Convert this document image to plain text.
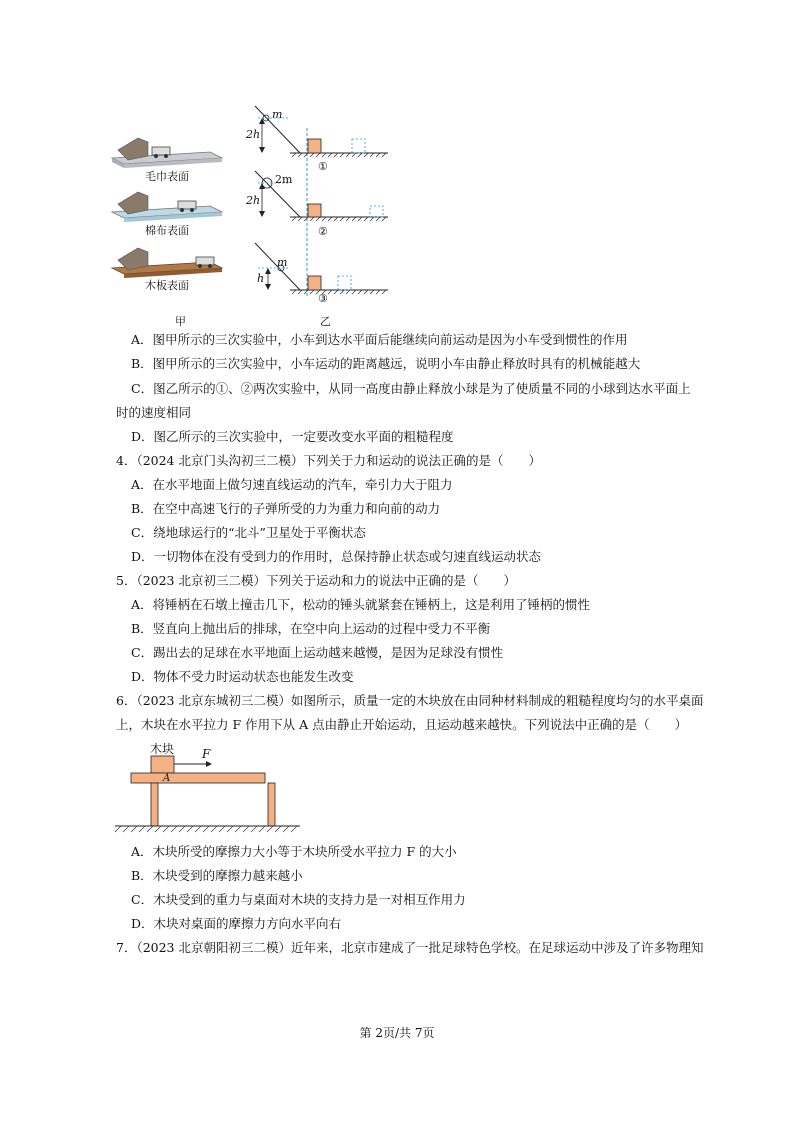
毛巾表面
棉布表面
木板表面
甲
m
2m
m
2h
2h
h
①
②
③
乙
A．图甲所示的三次实验中，小车到达水平面后能继续向前运动是因为小车受到惯性的作用
B．图甲所示的三次实验中，小车运动的距离越远，说明小车由静止释放时具有的机械能越大
C．图乙所示的①、②两次实验中，从同一高度由静止释放小球是为了使质量不同的小球到达水平面上
时的速度相同
D．图乙所示的三次实验中，一定要改变水平面的粗糙程度
4．（2024 北京门头沟初三二模）下列关于力和运动的说法正确的是（　　）
A．在水平地面上做匀速直线运动的汽车，牵引力大于阻力
B．在空中高速飞行的子弹所受的力为重力和向前的动力
C．绕地球运行的“北斗”卫星处于平衡状态
D．一切物体在没有受到力的作用时，总保持静止状态或匀速直线运动状态
5．（2023 北京初三二模）下列关于运动和力的说法中正确的是（　　）
A．将锤柄在石墩上撞击几下，松动的锤头就紧套在锤柄上，这是利用了锤柄的惯性
B．竖直向上抛出后的排球，在空中向上运动的过程中受力不平衡
C．踢出去的足球在水平地面上运动越来越慢，是因为足球没有惯性
D．物体不受力时运动状态也能发生改变
6．（2023 北京东城初三二模）如图所示，质量一定的木块放在由同种材料制成的粗糙程度均匀的水平桌面
上，木块在水平拉力 F 作用下从 A 点由静止开始运动，且运动越来越快。下列说法中正确的是（　　）
木块 F
A
A．木块所受的摩擦力大小等于木块所受水平拉力 F 的大小
B．木块受到的摩擦力越来越小
C．木块受到的重力与桌面对木块的支持力是一对相互作用力
D．木块对桌面的摩擦力方向水平向右
7．（2023 北京朝阳初三二模）近年来，北京市建成了一批足球特色学校。在足球运动中涉及了许多物理知
第 2页/共 7页
